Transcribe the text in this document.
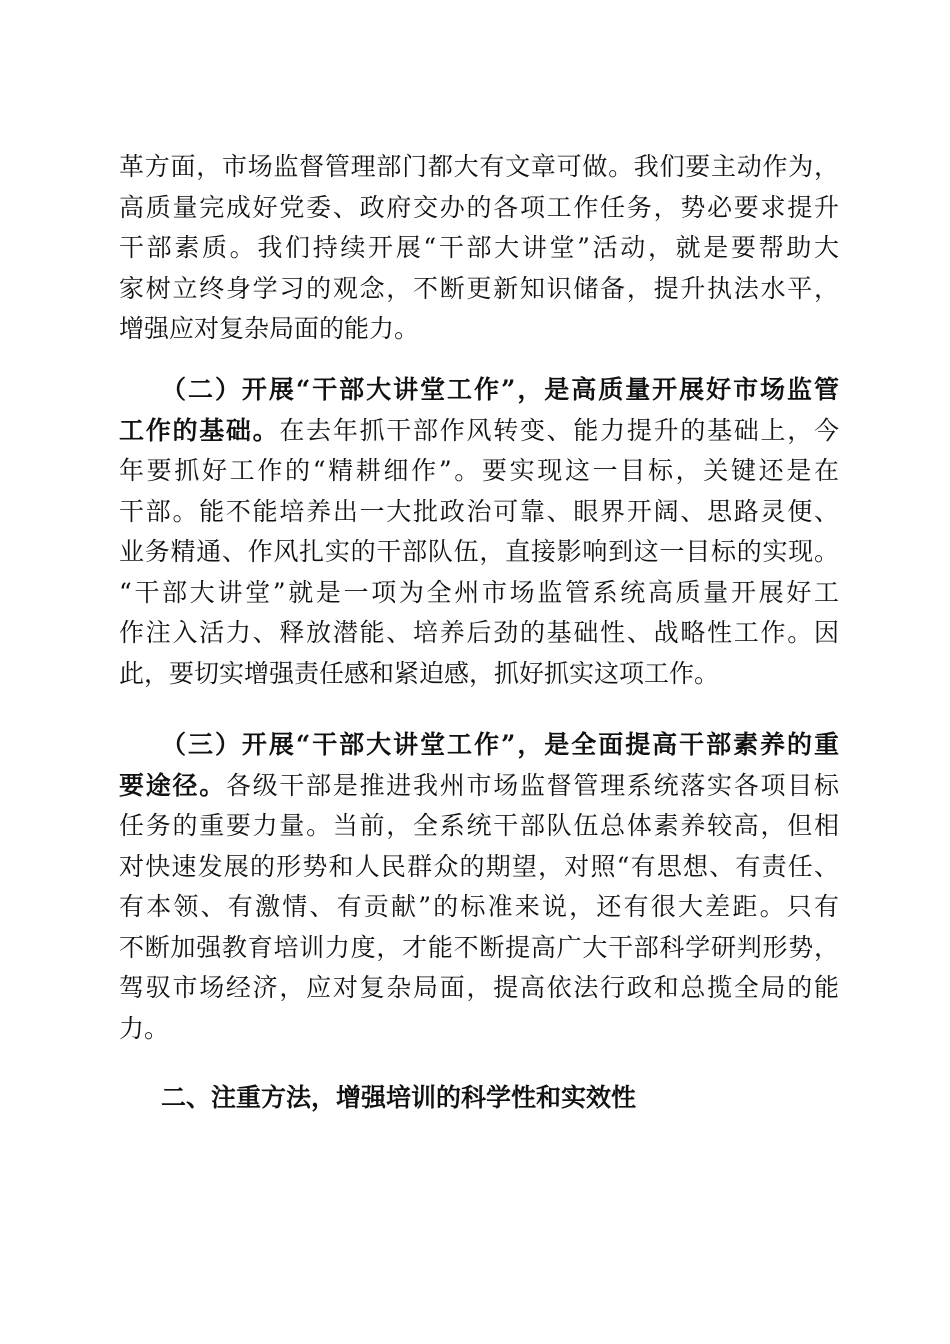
革方面，市场监督管理部门都大有文章可做。我们要主动作为，
高质量完成好党委、政府交办的各项工作任务，势必要求提升
干部素质。我们持续开展“干部大讲堂”活动，就是要帮助大
家树立终身学习的观念，不断更新知识储备，提升执法水平，
增强应对复杂局面的能力。
（二）开展“干部大讲堂工作”，是高质量开展好市场监管
工作的基础。在去年抓干部作风转变、能力提升的基础上，今
年要抓好工作的“精耕细作”。要实现这一目标，关键还是在
干部。能不能培养出一大批政治可靠、眼界开阔、思路灵便、
业务精通、作风扎实的干部队伍，直接影响到这一目标的实现。
“干部大讲堂”就是一项为全州市场监管系统高质量开展好工
作注入活力、释放潜能、培养后劲的基础性、战略性工作。因
此，要切实增强责任感和紧迫感，抓好抓实这项工作。
（三）开展“干部大讲堂工作”，是全面提高干部素养的重
要途径。各级干部是推进我州市场监督管理系统落实各项目标
任务的重要力量。当前，全系统干部队伍总体素养较高，但相
对快速发展的形势和人民群众的期望，对照“有思想、有责任、
有本领、有激情、有贡献”的标准来说，还有很大差距。只有
不断加强教育培训力度，才能不断提高广大干部科学研判形势，
驾驭市场经济，应对复杂局面，提高依法行政和总揽全局的能
力。
二、注重方法，增强培训的科学性和实效性
